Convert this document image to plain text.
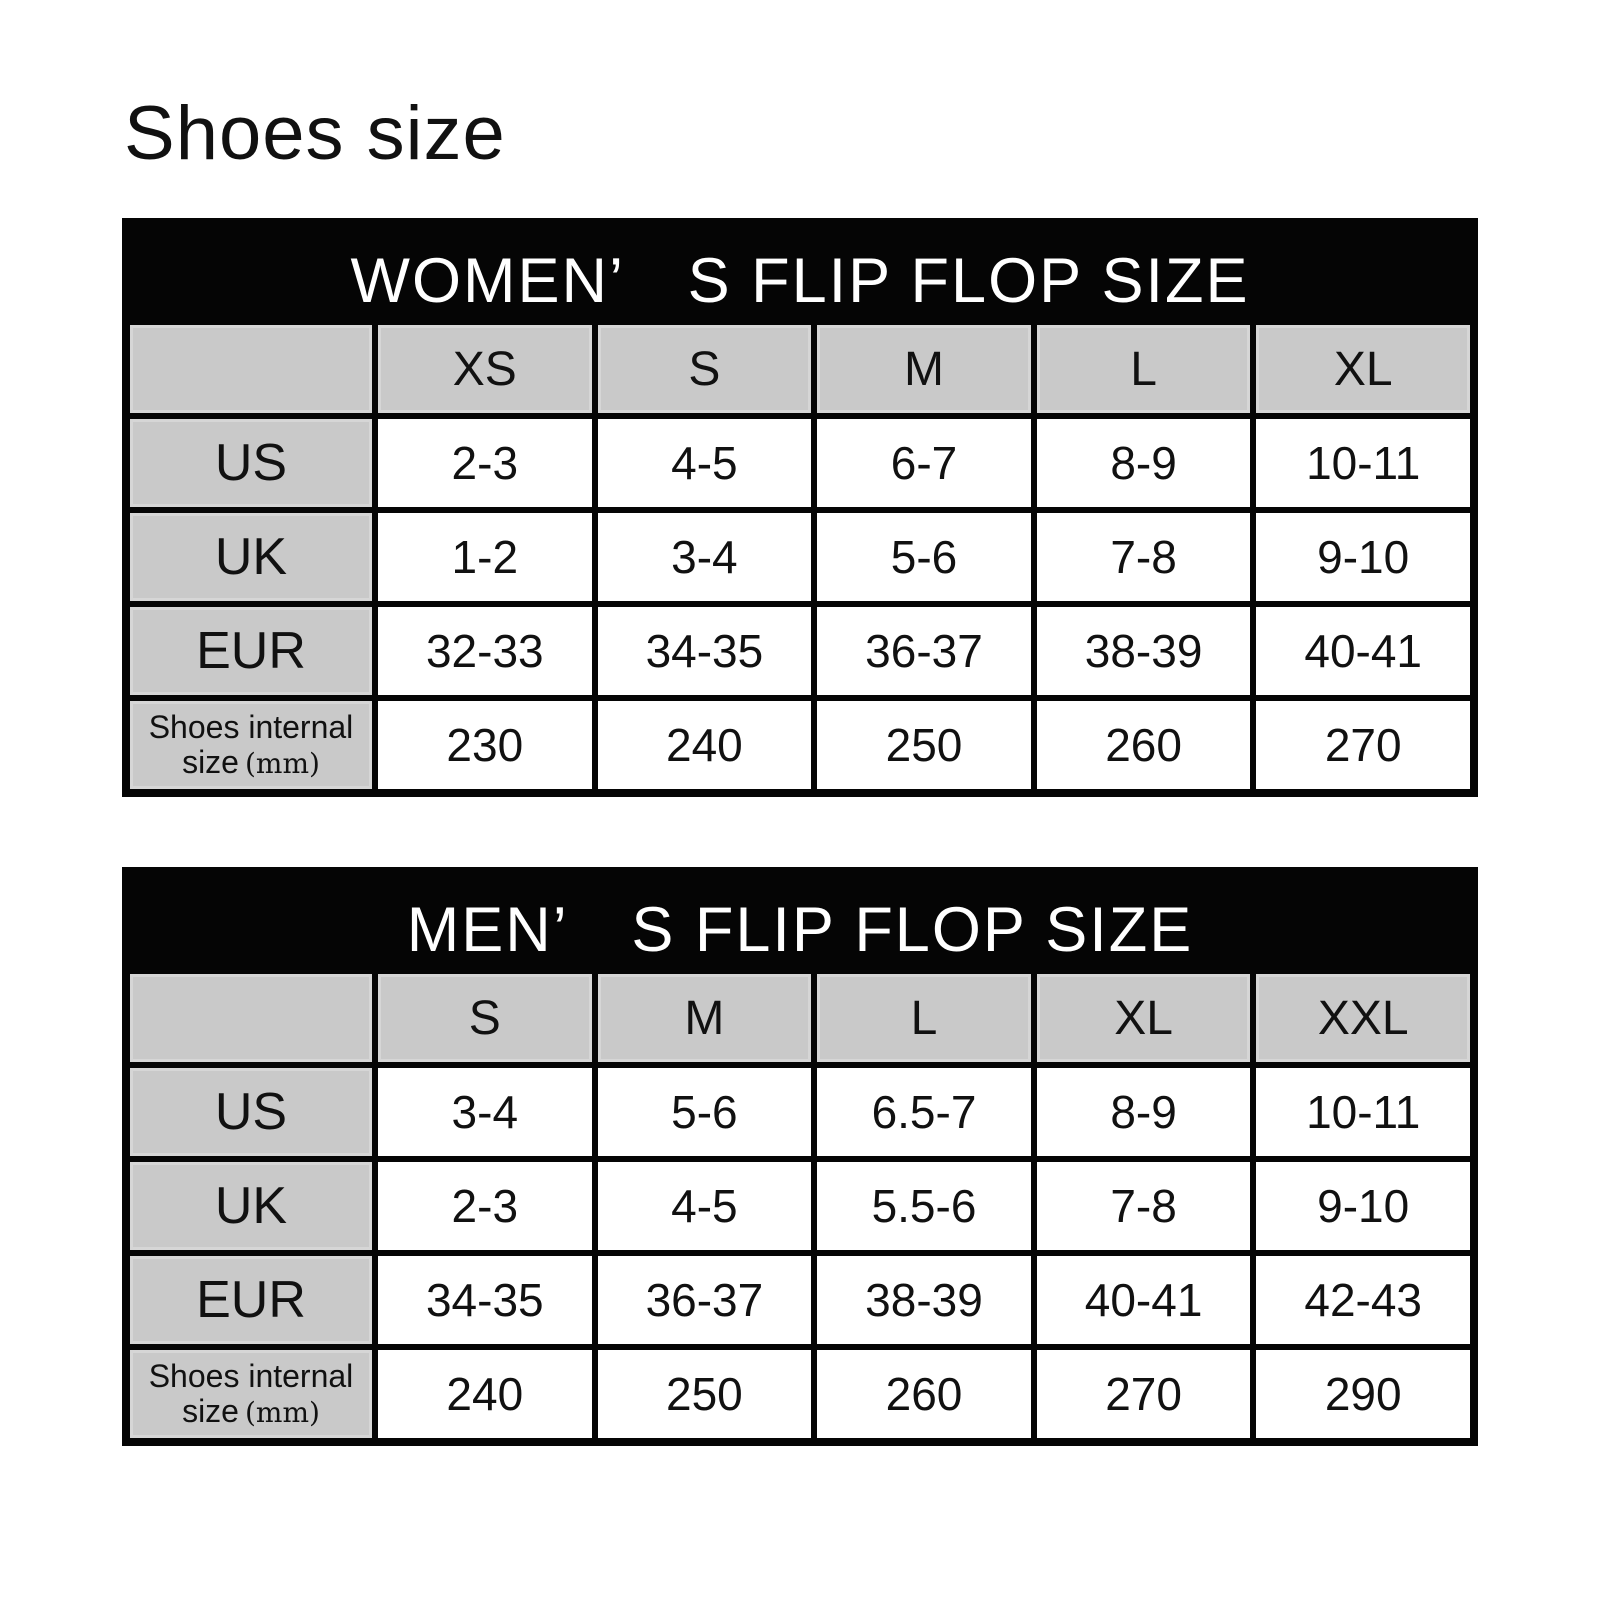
Shoes size
WOMEN’　S FLIP FLOP SIZE
XS	S	M	L	XL
US	2-3	4-5	6-7	8-9	10-11
UK	1-2	3-4	5-6	7-8	9-10
EUR	32-33	34-35	36-37	38-39	40-41
Shoes internal
size (mm)	230	240	250	260	270
MEN’　S FLIP FLOP SIZE
S	M	L	XL	XXL
US	3-4	5-6	6.5-7	8-9	10-11
UK	2-3	4-5	5.5-6	7-8	9-10
EUR	34-35	36-37	38-39	40-41	42-43
Shoes internal
size (mm)	240	250	260	270	290
